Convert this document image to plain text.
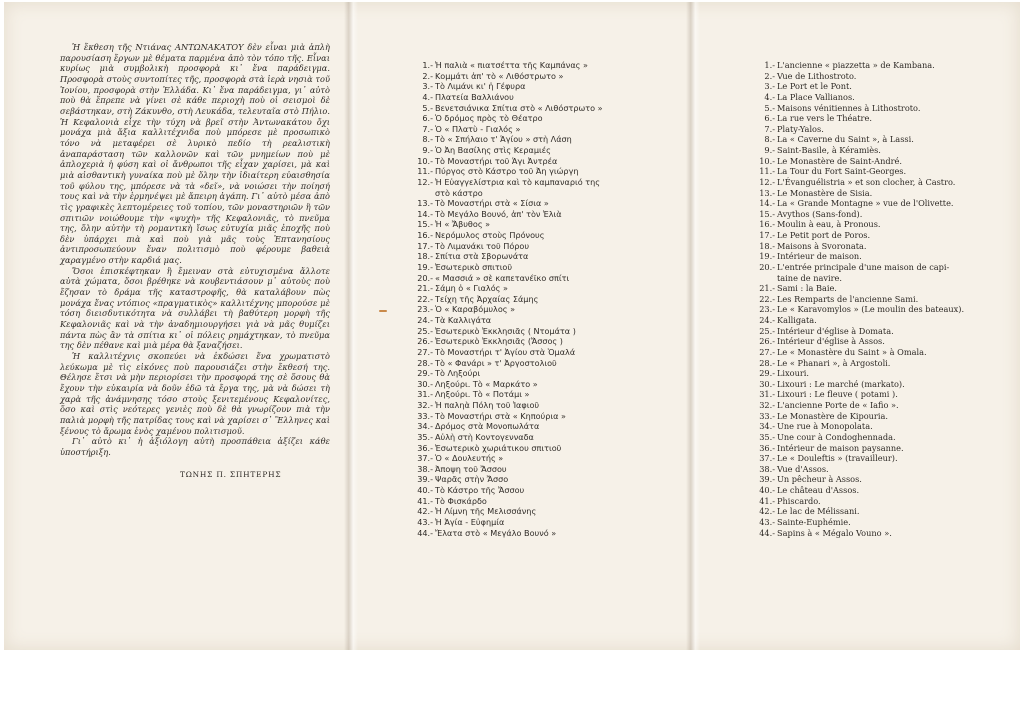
Ἡ ἔκθεση τῆς Ντιάνας ΑΝΤΩΝΑΚΑΤΟΥ δὲν εἶναι μιὰ ἁπλὴ παρουσίαση ἔργων μὲ θέματα παρμένα ἀπὸ τὸν τόπο τῆς. Εἶναι κυρίως μιὰ συμβολικὴ προσφορὰ κι᾿ ἕνα παράδειγμα. Προσφορὰ στοὺς συντοπίτες τῆς, προσφορὰ στὰ ἱερὰ νησιὰ τοῦ Ἰονίου, προσφορὰ στὴν Ἑλλάδα. Κι᾿ ἕνα παράδειγμα, γι᾿ αὐτὸ ποὺ θὰ ἔπρεπε νὰ γίνει σὲ κάθε περιοχὴ ποὺ οἱ σεισμοὶ δὲ σεβάστηκαν, στὴ Ζάκυνθο, στὴ Λευκάδα, τελευταῖα στὸ Πήλιο. Ἡ Κεφαλονιὰ εἶχε τὴν τύχη νὰ βρεῖ στὴν Ἀντωνακάτου ὄχι μονάχα μιὰ ἄξια καλλιτέχνιδα ποὺ μπόρεσε μὲ προσωπικὸ τόνο νὰ μεταφέρει σὲ λυρικὸ πεδίο τὴ ρεαλιστικὴ ἀναπαράσταση τῶν καλλονῶν καὶ τῶν μνημείων ποὺ μὲ ἀπλοχεριὰ ἡ φύση καὶ οἱ ἄνθρωποι τῆς εἶχαν χαρίσει, μὰ καὶ μιὰ αἰσθαντικὴ γυναίκα ποὺ μὲ ὅλην τὴν ἰδιαίτερη εὐαισθησία τοῦ φύλου της, μπόρεσε νὰ τὰ «δεῖ», νὰ νοιώσει τὴν ποίησή τους καὶ νὰ τὴν ἑρμηνέψει μὲ ἄπειρη ἀγάπη. Γι᾿ αὐτὸ μέσα ἀπὸ τὶς γραφικὲς λεπτομέρειες τοῦ τοπίου, τῶν μοναστηριῶν ἢ τῶν σπιτιῶν νοιώθουμε τὴν «ψυχὴ» τῆς Κεφαλονιᾶς, τὸ πνεῦμα της, ὅλην αὐτὴν τὴ ρομαντικὴ ἴσως εὐτυχία μιᾶς ἐποχῆς ποὺ δὲν ὑπάρχει πιὰ καὶ ποὺ γιὰ μᾶς τοὺς Ἐπτανησίους ἀντιπροσωπεύουν ἕναν πολιτισμὸ ποὺ φέρουμε βαθειὰ χαραγμένο στὴν καρδιά μας.

Ὅσοι ἐπισκέφτηκαν ἢ ἔμειναν στὰ εὐτυχισμένα ἄλλοτε αὐτὰ χώματα, ὅσοι βρέθηκε νὰ κουβεντιάσουν μ᾿ αὐτοὺς ποὺ ἔζησαν τὸ δράμα τῆς καταστροφῆς, θὰ καταλάβουν πὼς μονάχα ἕνας ντόπιος «πραγματικὸς» καλλιτέχνης μπορούσε μὲ τόση διεισδυτικότητα νὰ συλλάβει τὴ βαθύτερη μορφὴ τῆς Κεφαλονιᾶς καὶ νὰ τὴν ἀναδημιουργήσει γιὰ νὰ μᾶς θυμίζει πάντα πὼς ἂν τὰ σπίτια κι᾿ οἱ πόλεις ρημάχτηκαν, τὸ πνεῦμα της δὲν πέθανε καὶ μιὰ μέρα θὰ ξαναζήσει.

Ἡ καλλιτέχνις σκοπεύει νὰ ἐκδώσει ἕνα χρωματιστὸ λεύκωμα μὲ τὶς εἰκόνες ποὺ παρουσιάζει στὴν ἔκθεσή της. Θέλησε ἔτσι νὰ μὴν περιορίσει τὴν προσφορά της σὲ ὅσους θὰ ἔχουν τὴν εὐκαιρία νὰ δοῦν ἐδῶ τὰ ἔργα της, μὰ νὰ δώσει τὴ χαρὰ τῆς ἀνάμνησης τόσο στοὺς ξενιτεμένους Κεφαλονίτες, ὅσο καὶ στὶς νεότερες γενιὲς ποὺ δὲ θὰ γνωρίζουν πιὰ τὴν παλιὰ μορφὴ τῆς πατρίδας τους καὶ νὰ χαρίσει σ᾿ Ἕλληνες καὶ ξένους τὸ ἄρωμα ἑνὸς χαμένου πολιτισμοῦ.

Γι᾿ αὐτὸ κι᾿ ἡ ἀξιόλογη αὐτὴ προσπάθεια ἀξίζει κάθε ὑποστήριξη.

ΤΩΝΗΣ Π. ΣΠΗΤΕΡΗΣ
1.- Ἡ παλιὰ « πιατσέττα τῆς Καμπάνας »
2.- Κομμάτι ἀπ' τὸ « Λιθόστρωτο »
3.- Τὸ Λιμάνι κι' ἡ Γέφυρα
4.- Πλατεία Βαλλιάνου
5.- Βενετσιάνικα Σπίτια στὸ « Λιθόστρωτο »
6.- Ὁ δρόμος πρὸς τὸ Θέατρο
7.- Ὁ « Πλατὺ - Γιαλός »
8.- Τὸ « Σπήλαιο τ' Ἁγίου » στὴ Λάση
9.- Ὁ Ἀη Βασίλης στὶς Κεραμιές
10.- Τὸ Μοναστήρι τοῦ Ἁγι Ἀντρέα
11.- Πύργος στὸ Κάστρο τοῦ Ἀη γιώργη
12.- Ἡ Εὐαγγελίστρια καὶ τὸ καμπαναριό της
στὸ κάστρο
13.- Τὸ Μοναστήρι στὰ « Σίσια »
14.- Τὸ Μεγάλο Βουνό, ἀπ' τὸν Ἐλιὰ
15.- Ἡ « Ἄβυθος »
16.- Νερόμυλος στοὺς Πρόνους
17.- Τὸ Λιμανάκι τοῦ Πόρου
18.- Σπίτια στὰ Σβορωνάτα
19.- Ἐσωτερικὸ σπιτιοῦ
20.- « Μασσιά » σὲ καπετανέϊκο σπίτι
21.- Σάμη ὁ « Γιαλός »
22.- Τείχη τῆς Ἀρχαίας Σάμης
23.- Ὁ « Καραβόμυλος »
24.- Τὰ Καλλιγάτα
25.- Ἐσωτερικὸ Ἐκκλησιᾶς ( Ντομάτα )
26.- Ἐσωτερικὸ Ἐκκλησιᾶς (Ἄσσος )
27.- Τὸ Μοναστήρι τ' Ἁγίου στὰ Ὁμαλά
28.- Τὸ « Φανάρι » τ' Ἀργοστολιοῦ
29.- Τὸ Ληξούρι
30.- Ληξούρι. Τὸ « Μαρκάτο »
31.- Ληξούρι. Τὸ « Ποτάμι »
32.- Ἡ παληὰ Πόλη τοῦ Ἰαφιοῦ
33.- Τὸ Μοναστήρι στὰ « Κηπούρια »
34.- Δρόμος στὰ Μονοπωλάτα
35.- Αὐλὴ στὴ Κοντογενναδα
36.- Ἐσωτερικὸ χωριάτικου σπιτιοῦ
37.- Ὁ « Δουλευτής »
38.- Ἀποψη τοῦ Ἄσσου
39.- Ψαρᾶς στὴν Ἄσσο
40.- Τὸ Κάστρο τῆς Ἄσσου
41.- Τὸ Φισκάρδο
42.- Ἡ Λίμνη τῆς Μελισσάνης
43.- Ἡ Ἁγία - Εὐφημία
44.- Ἔλατα στὸ « Μεγάλο Βουνό »
1.- L'ancienne « piazzetta » de Kambana.
2.- Vue de Lithostroto.
3.- Le Port et le Pont.
4.- La Place Vallianos.
5.- Maisons vénitiennes à Lithostroto.
6.- La rue vers le Théatre.
7.- Platy-Yalos.
8.- La « Caverne du Saint », à Lassi.
9.- Saint-Basile, à Kéramiès.
10.- Le Monastère de Saint-André.
11.- La Tour du Fort Saint-Georges.
12.- L'Évanguélistria » et son clocher, à Castro.
13.- Le Monastère de Sisia.
14.- La « Grande Montagne » vue de l'Olivette.
15.- Avythos (Sans-fond).
16.- Moulin à eau, à Pronous.
17.- Le Petit port de Poros.
18.- Maisons à Svoronata.
19.- Intérieur de maison.
20.- L'entrée principale d'une maison de capi-
taine de navire.
21.- Sami : la Baie.
22.- Les Remparts de l'ancienne Sami.
23.- Le « Karavomylos » (Le moulin des bateaux).
24.- Kalligata.
25.- Intérieur d'église à Domata.
26.- Intérieur d'église à Assos.
27.- Le « Monastère du Saint » à Omala.
28.- Le « Phanari », à Argostoli.
29.- Lixouri.
30.- Lixouri : Le marché (markato).
31.- Lixouri : Le fleuve ( potami ).
32.- L'ancienne Porte de « Iafio ».
33.- Le Monastère de Kipouria.
34.- Une rue à Monopolata.
35.- Une cour à Condoghennada.
36.- Intérieur de maison paysanne.
37.- Le « Douleftis » (travailleur).
38.- Vue d'Assos.
39.- Un pêcheur à Assos.
40.- Le château d'Assos.
41.- Phiscardo.
42.- Le lac de Mélissani.
43.- Sainte-Euphémie.
44.- Sapins à « Mégalo Vouno ».
